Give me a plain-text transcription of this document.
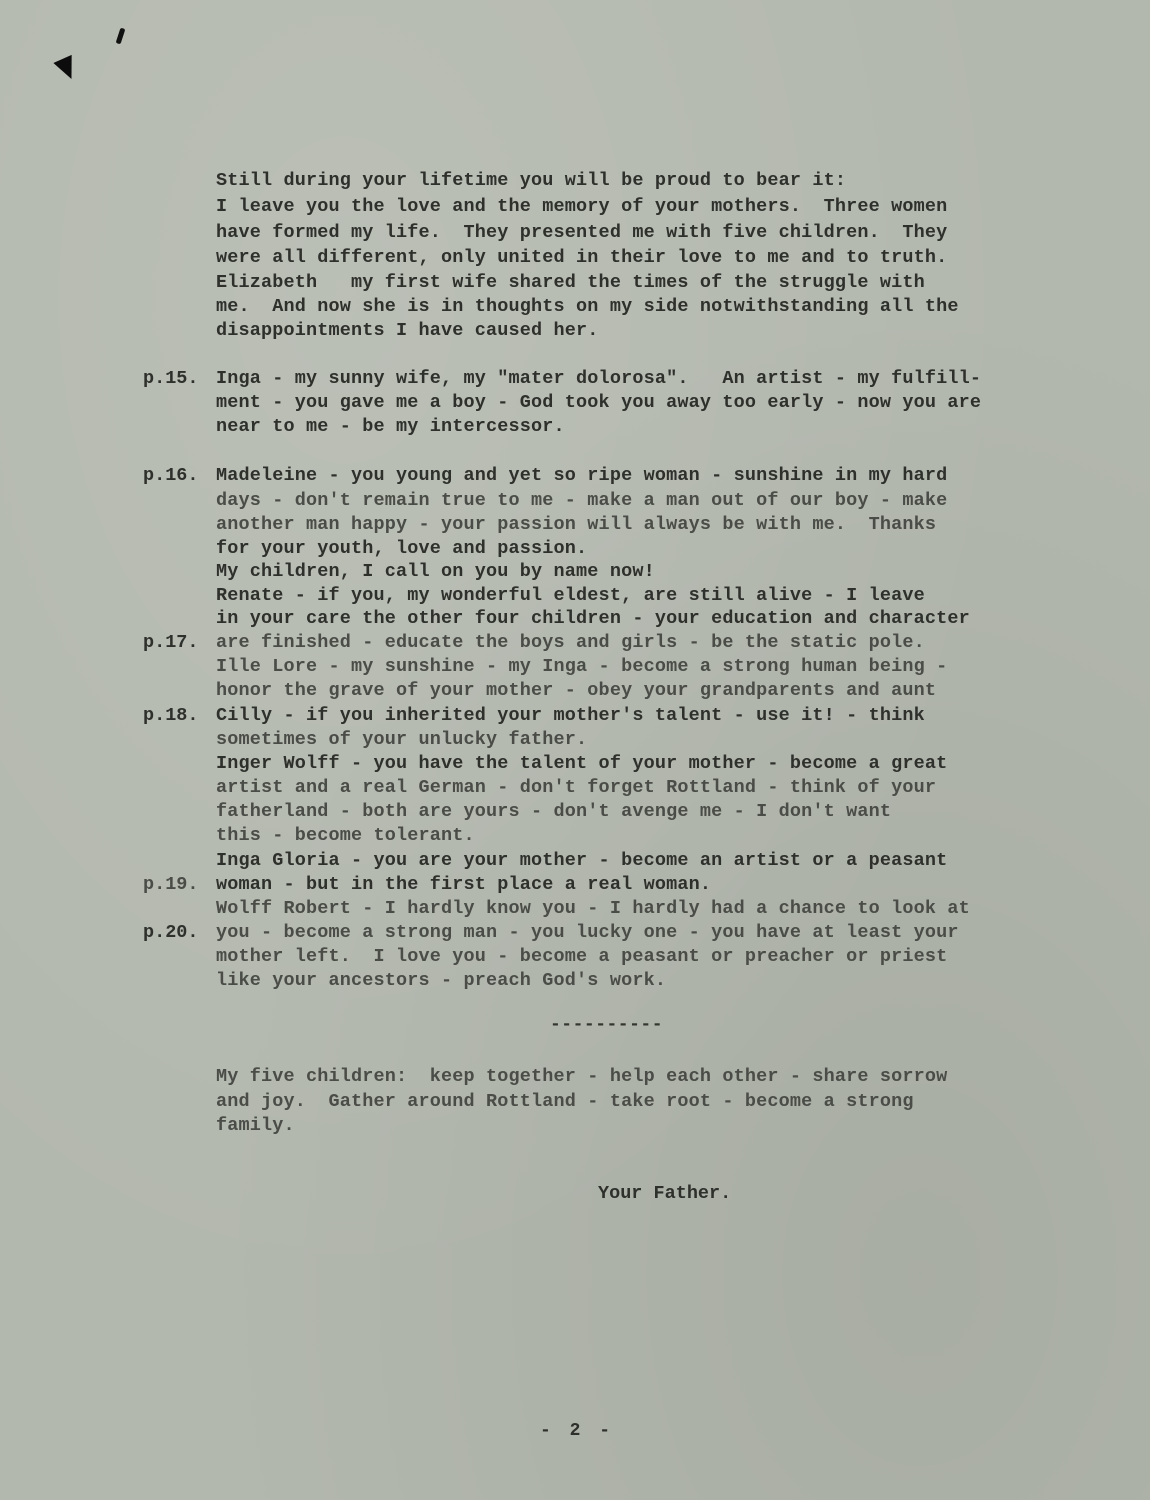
Still during your lifetime you will be proud to bear it:
I leave you the love and the memory of your mothers.  Three women
have formed my life.  They presented me with five children.  They
were all different, only united in their love to me and to truth.
Elizabeth   my first wife shared the times of the struggle with
me.  And now she is in thoughts on my side notwithstanding all the
disappointments I have caused her.
p.15. Inga - my sunny wife, my "mater dolorosa".   An artist - my fulfill-
ment - you gave me a boy - God took you away too early - now you are
near to me - be my intercessor.
p.16. Madeleine - you young and yet so ripe woman - sunshine in my hard
days - don't remain true to me - make a man out of our boy - make
another man happy - your passion will always be with me.  Thanks
for your youth, love and passion.
My children, I call on you by name now!
Renate - if you, my wonderful eldest, are still alive - I leave
in your care the other four children - your education and character
p.17. are finished - educate the boys and girls - be the static pole.
Ille Lore - my sunshine - my Inga - become a strong human being -
honor the grave of your mother - obey your grandparents and aunt
p.18. Cilly - if you inherited your mother's talent - use it! - think
sometimes of your unlucky father.
Inger Wolff - you have the talent of your mother - become a great
artist and a real German - don't forget Rottland - think of your
fatherland - both are yours - don't avenge me - I don't want
this - become tolerant.
Inga Gloria - you are your mother - become an artist or a peasant
p.19. woman - but in the first place a real woman.
Wolff Robert - I hardly know you - I hardly had a chance to look at
p.20. you - become a strong man - you lucky one - you have at least your
mother left.  I love you - become a peasant or preacher or priest
like your ancestors - preach God's work.
----------
My five children:  keep together - help each other - share sorrow
and joy.  Gather around Rottland - take root - become a strong
family.
Your Father.
- 2 -
